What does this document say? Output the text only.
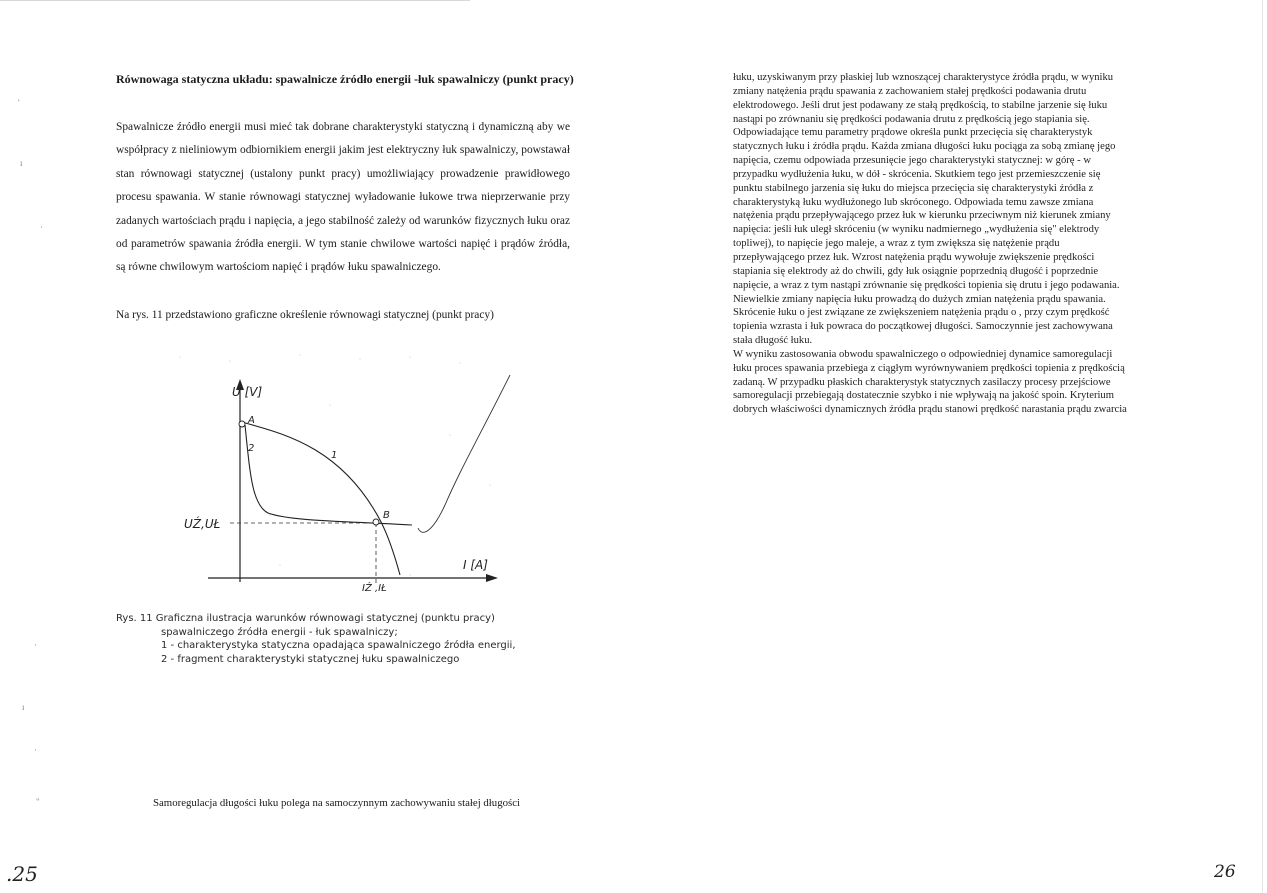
'
ı
·
·
ı
·
"
Równowaga statyczna układu: spawalnicze źródło energii -łuk spawalniczy (punkt pracy)
Spawalnicze źródło energii musi mieć tak dobrane charakterystyki statyczną i dynamiczną aby we współpracy z nieliniowym odbiornikiem energii jakim jest elektryczny łuk spawalniczy, powstawał stan równowagi statycznej (ustalony punkt pracy) umożliwiający prowadzenie prawidłowego procesu spawania. W stanie równowagi statycznej wyładowanie łukowe trwa nieprzerwanie przy zadanych wartościach prądu i napięcia, a jego stabilność zależy od warunków fizycznych łuku oraz od parametrów spawania źródła energii. W tym stanie chwilowe wartości napięć i prądów źródła, są równe chwilowym wartościom napięć i prądów łuku spawalniczego.
Na rys. 11 przedstawiono graficzne określenie równowagi statycznej (punkt pracy)
U [V]
I [A]
A
B
1
2
UŹ,UŁ
IŹ ,IŁ
Rys. 11 Graficzna ilustracja warunków równowagi statycznej (punktu pracy)
spawalniczego źródła energii - łuk spawalniczy;
1 - charakterystyka statyczna opadająca spawalniczego źródła energii,
2 - fragment charakterystyki statycznej łuku spawalniczego
Samoregulacja długości łuku polega na samoczynnym zachowywaniu stałej długości
.25
łuku, uzyskiwanym przy płaskiej lub wznoszącej charakterystyce źródła prądu, w wyniku
zmiany natężenia prądu spawania z zachowaniem stałej prędkości podawania drutu
elektrodowego. Jeśli drut jest podawany ze stałą prędkością, to stabilne jarzenie się łuku
nastąpi po zrównaniu się prędkości podawania drutu z prędkością jego stapiania się.
Odpowiadające temu parametry prądowe określa punkt przecięcia się charakterystyk
statycznych łuku i źródła prądu. Każda zmiana długości łuku pociąga za sobą zmianę jego
napięcia, czemu odpowiada przesunięcie jego charakterystyki statycznej: w górę - w
przypadku wydłużenia łuku, w dół - skrócenia. Skutkiem tego jest przemieszczenie się
punktu stabilnego jarzenia się łuku do miejsca przecięcia się charakterystyki źródła z
charakterystyką łuku wydłużonego lub skróconego. Odpowiada temu zawsze zmiana
natężenia prądu przepływającego przez łuk w kierunku przeciwnym niż kierunek zmiany
napięcia: jeśli łuk uległ skróceniu (w wyniku nadmiernego „wydłużenia się" elektrody
topliwej), to napięcie jego maleje, a wraz z tym zwiększa się natężenie prądu
przepływającego przez łuk. Wzrost natężenia prądu wywołuje zwiększenie prędkości
stapiania się elektrody aż do chwili, gdy łuk osiągnie poprzednią długość i poprzednie
napięcie, a wraz z tym nastąpi zrównanie się prędkości topienia się drutu i jego podawania.
Niewielkie zmiany napięcia łuku prowadzą do dużych zmian natężenia prądu spawania.
Skrócenie łuku o jest związane ze zwiększeniem natężenia prądu o , przy czym prędkość
topienia wzrasta i łuk powraca do początkowej długości. Samoczynnie jest zachowywana
stała długość łuku.
W wyniku zastosowania obwodu spawalniczego o odpowiedniej dynamice samoregulacji
łuku proces spawania przebiega z ciągłym wyrównywaniem prędkości topienia z prędkością
zadaną. W przypadku płaskich charakterystyk statycznych zasilaczy procesy przejściowe
samoregulacji przebiegają dostatecznie szybko i nie wpływają na jakość spoin. Kryterium
dobrych właściwości dynamicznych źródła prądu stanowi prędkość narastania prądu zwarcia
26
